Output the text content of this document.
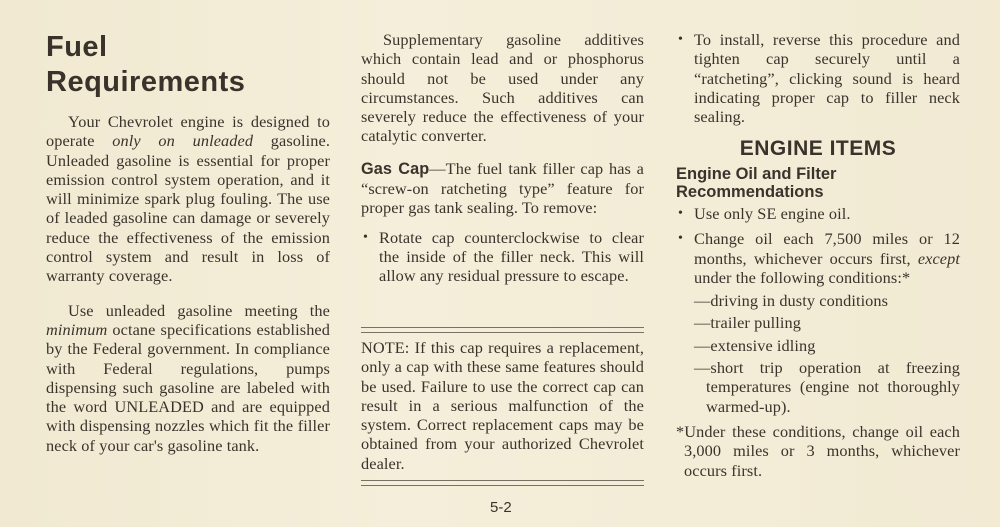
Fuel
Requirements

Your Chevrolet engine is designed to operate only on unleaded gasoline. Unleaded gasoline is essential for proper emission control system operation, and it will minimize spark plug fouling. The use of leaded gasoline can damage or severely reduce the effectiveness of the emission control system and result in loss of warranty coverage.

Use unleaded gasoline meeting the minimum octane specifications established by the Federal government. In compliance with Federal regulations, pumps dispensing such gasoline are labeled with the word UNLEADED and are equipped with dispensing nozzles which fit the filler neck of your car's gasoline tank.

Supplementary gasoline additives which contain lead and or phosphorus should not be used under any circumstances. Such additives can severely reduce the effectiveness of your catalytic converter.

Gas Cap—The fuel tank filler cap has a “screw-on ratcheting type” feature for proper gas tank sealing. To remove:

• Rotate cap counterclockwise to clear the inside of the filler neck. This will allow any residual pressure to escape.

NOTE: If this cap requires a replacement, only a cap with these same features should be used. Failure to use the correct cap can result in a serious malfunction of the system. Correct replacement caps may be obtained from your authorized Chevrolet dealer.

• To install, reverse this procedure and tighten cap securely until a “ratcheting”, clicking sound is heard indicating proper cap to filler neck sealing.

ENGINE ITEMS
Engine Oil and Filter Recommendations
• Use only SE engine oil.

• Change oil each 7,500 miles or 12 months, whichever occurs first, except under the following conditions:*

—driving in dusty conditions

—trailer pulling

—extensive idling

—short trip operation at freezing temperatures (engine not thoroughly warmed-up).

*Under these conditions, change oil each 3,000 miles or 3 months, whichever occurs first.

5-2
